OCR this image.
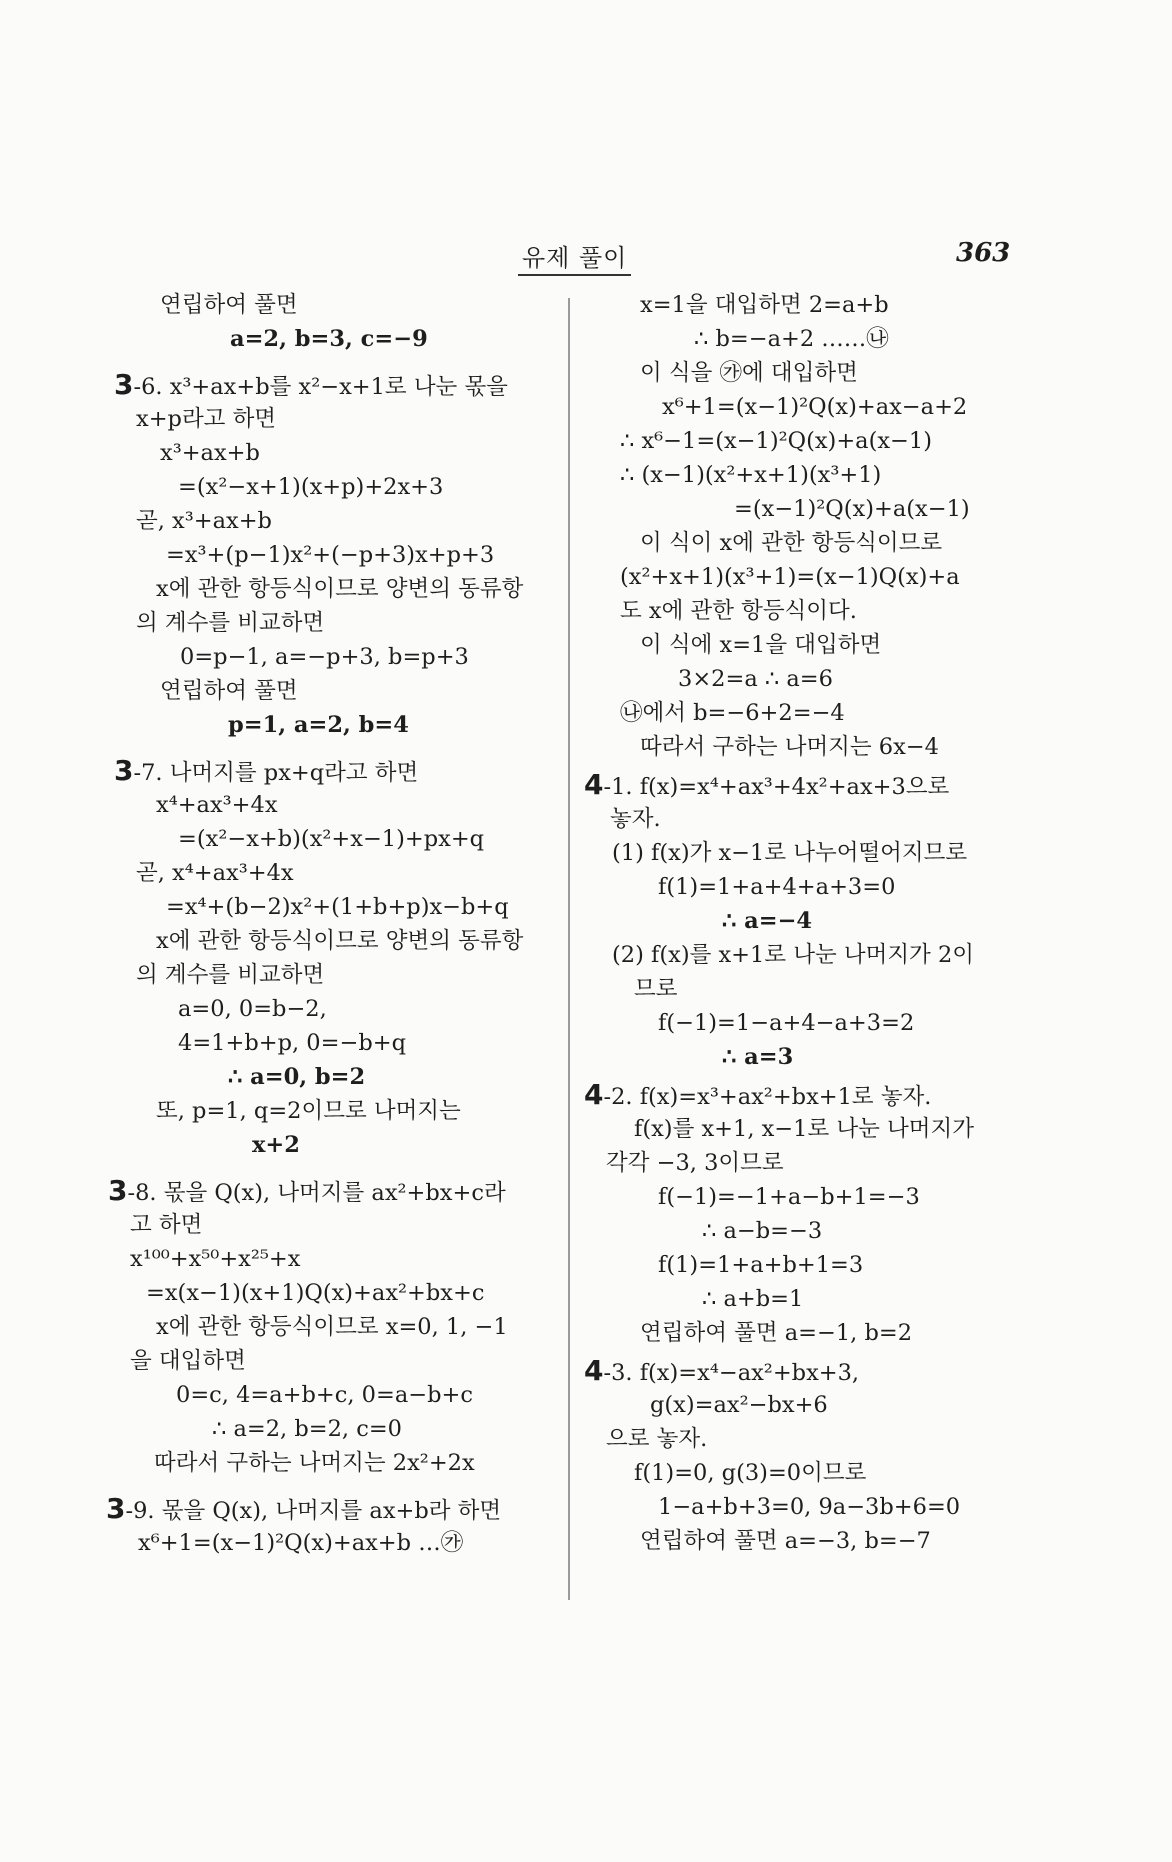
유제 풀이	363
연립하여 풀면
a=2, b=3, c=−9
3-6. x³+ax+b를 x²−x+1로 나눈 몫을
x+p라고 하면
x³+ax+b
=(x²−x+1)(x+p)+2x+3
곧, x³+ax+b
=x³+(p−1)x²+(−p+3)x+p+3
x에 관한 항등식이므로 양변의 동류항
의 계수를 비교하면
0=p−1, a=−p+3, b=p+3
연립하여 풀면
p=1, a=2, b=4
3-7. 나머지를 px+q라고 하면
x⁴+ax³+4x
=(x²−x+b)(x²+x−1)+px+q
곧, x⁴+ax³+4x
=x⁴+(b−2)x²+(1+b+p)x−b+q
x에 관한 항등식이므로 양변의 동류항
의 계수를 비교하면
a=0, 0=b−2,
4=1+b+p, 0=−b+q
∴ a=0, b=2
또, p=1, q=2이므로 나머지는
x+2
3-8. 몫을 Q(x), 나머지를 ax²+bx+c라
고 하면
x¹⁰⁰+x⁵⁰+x²⁵+x
=x(x−1)(x+1)Q(x)+ax²+bx+c
x에 관한 항등식이므로 x=0, 1, −1
을 대입하면
0=c, 4=a+b+c, 0=a−b+c
∴ a=2, b=2, c=0
따라서 구하는 나머지는 2x²+2x
3-9. 몫을 Q(x), 나머지를 ax+b라 하면
x⁶+1=(x−1)²Q(x)+ax+b …㉮
x=1을 대입하면 2=a+b
∴ b=−a+2 ……㉯
이 식을 ㉮에 대입하면
x⁶+1=(x−1)²Q(x)+ax−a+2
∴ x⁶−1=(x−1)²Q(x)+a(x−1)
∴ (x−1)(x²+x+1)(x³+1)
=(x−1)²Q(x)+a(x−1)
이 식이 x에 관한 항등식이므로
(x²+x+1)(x³+1)=(x−1)Q(x)+a
도 x에 관한 항등식이다.
이 식에 x=1을 대입하면
3×2=a ∴ a=6
㉯에서 b=−6+2=−4
따라서 구하는 나머지는 6x−4
4-1. f(x)=x⁴+ax³+4x²+ax+3으로
놓자.
(1) f(x)가 x−1로 나누어떨어지므로
f(1)=1+a+4+a+3=0
∴ a=−4
(2) f(x)를 x+1로 나눈 나머지가 2이
므로
f(−1)=1−a+4−a+3=2
∴ a=3
4-2. f(x)=x³+ax²+bx+1로 놓자.
f(x)를 x+1, x−1로 나눈 나머지가
각각 −3, 3이므로
f(−1)=−1+a−b+1=−3
∴ a−b=−3
f(1)=1+a+b+1=3
∴ a+b=1
연립하여 풀면 a=−1, b=2
4-3. f(x)=x⁴−ax²+bx+3,
g(x)=ax²−bx+6
으로 놓자.
f(1)=0, g(3)=0이므로
1−a+b+3=0, 9a−3b+6=0
연립하여 풀면 a=−3, b=−7
